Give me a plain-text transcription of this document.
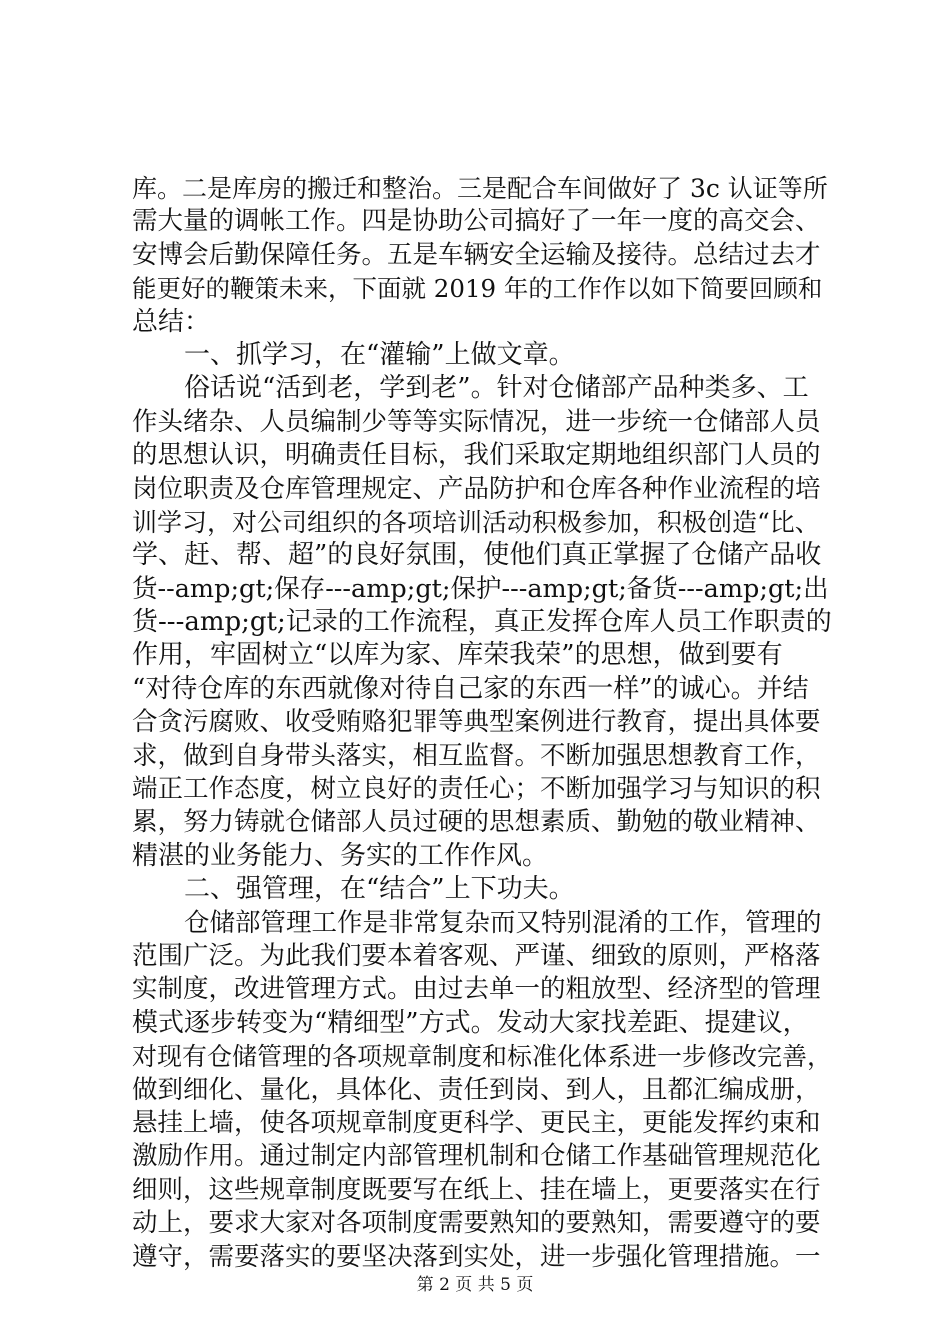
库。二是库房的搬迁和整治。三是配合车间做好了 3c 认证等所
需大量的调帐工作。四是协助公司搞好了一年一度的高交会、
安博会后勤保障任务。五是车辆安全运输及接待。总结过去才
能更好的鞭策未来，下面就 2019 年的工作作以如下简要回顾和
总结：
一、抓学习，在“灌输”上做文章。
俗话说“活到老，学到老”。针对仓储部产品种类多、工
作头绪杂、人员编制少等等实际情况，进一步统一仓储部人员
的思想认识，明确责任目标，我们采取定期地组织部门人员的
岗位职责及仓库管理规定、产品防护和仓库各种作业流程的培
训学习，对公司组织的各项培训活动积极参加，积极创造“比、
学、赶、帮、超”的良好氛围，使他们真正掌握了仓储产品收
货--amp;gt;保存---amp;gt;保护---amp;gt;备货---amp;gt;出
货---amp;gt;记录的工作流程，真正发挥仓库人员工作职责的
作用，牢固树立“以库为家、库荣我荣”的思想，做到要有
“对待仓库的东西就像对待自己家的东西一样”的诚心。并结
合贪污腐败、收受贿赂犯罪等典型案例进行教育，提出具体要
求，做到自身带头落实，相互监督。不断加强思想教育工作，
端正工作态度，树立良好的责任心；不断加强学习与知识的积
累，努力铸就仓储部人员过硬的思想素质、勤勉的敬业精神、
精湛的业务能力、务实的工作作风。
二、强管理，在“结合”上下功夫。
仓储部管理工作是非常复杂而又特别混淆的工作，管理的
范围广泛。为此我们要本着客观、严谨、细致的原则，严格落
实制度，改进管理方式。由过去单一的粗放型、经济型的管理
模式逐步转变为“精细型”方式。发动大家找差距、提建议，
对现有仓储管理的各项规章制度和标准化体系进一步修改完善，
做到细化、量化，具体化、责任到岗、到人，且都汇编成册，
悬挂上墙，使各项规章制度更科学、更民主，更能发挥约束和
激励作用。通过制定内部管理机制和仓储工作基础管理规范化
细则，这些规章制度既要写在纸上、挂在墙上，更要落实在行
动上，要求大家对各项制度需要熟知的要熟知，需要遵守的要
遵守，需要落实的要坚决落到实处，进一步强化管理措施。一
第 2 页 共 5 页
